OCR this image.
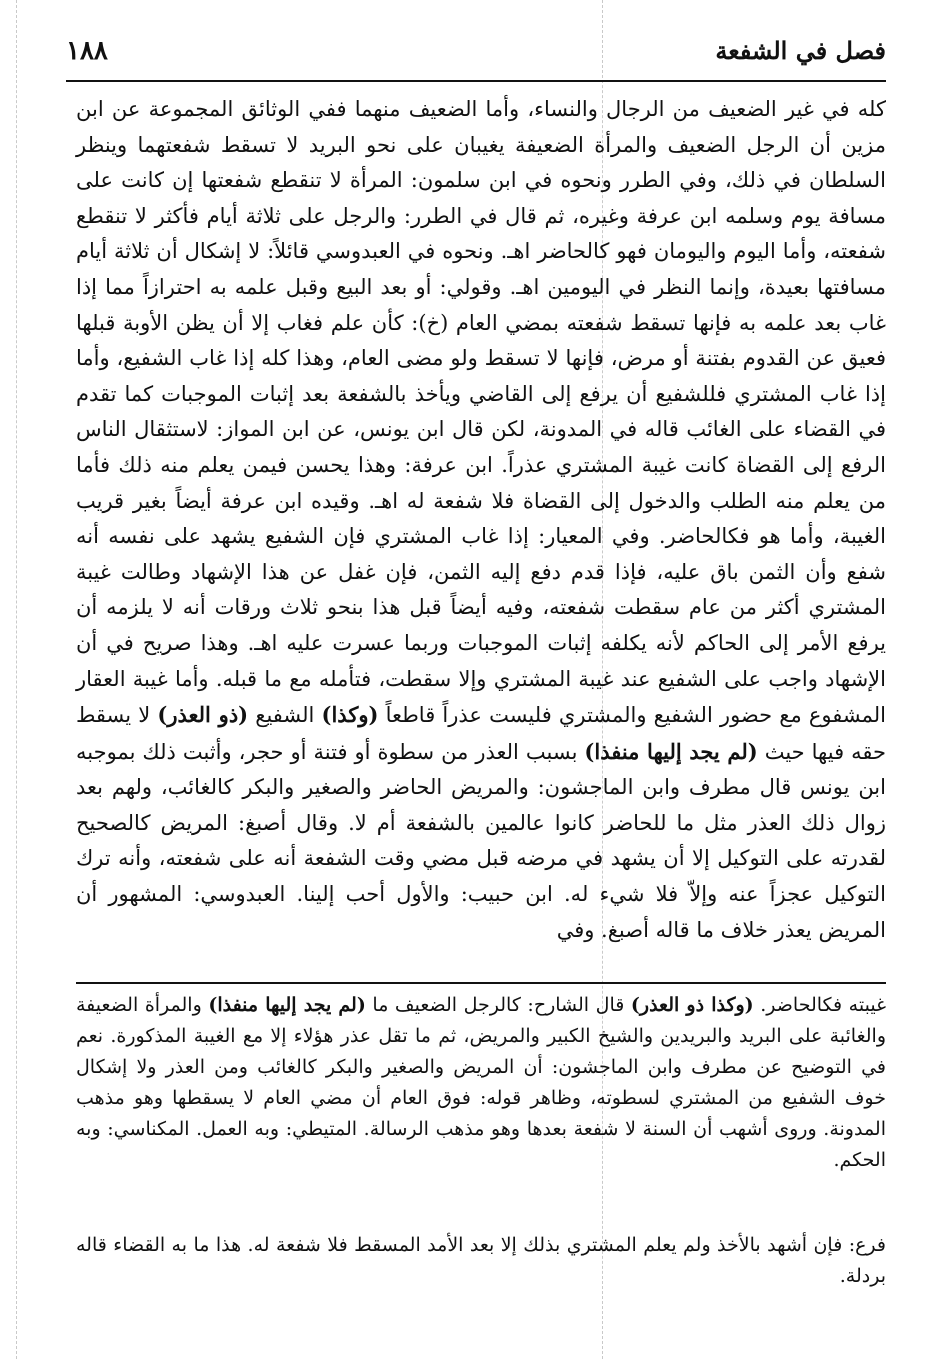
١٨٨	فصل في الشفعة

كله في غير الضعيف من الرجال والنساء، وأما الضعيف منهما ففي الوثائق المجموعة عن ابن مزين أن الرجل الضعيف والمرأة الضعيفة يغيبان على نحو البريد لا تسقط شفعتهما وينظر السلطان في ذلك، وفي الطرر ونحوه في ابن سلمون: المرأة لا تنقطع شفعتها إن كانت على مسافة يوم وسلمه ابن عرفة وغيره، ثم قال في الطرر: والرجل على ثلاثة أيام فأكثر لا تنقطع شفعته، وأما اليوم واليومان فهو كالحاضر اهـ. ونحوه في العبدوسي قائلاً: لا إشكال أن ثلاثة أيام مسافتها بعيدة، وإنما النظر في اليومين اهـ. وقولي: أو بعد البيع وقبل علمه به احترازاً مما إذا غاب بعد علمه به فإنها تسقط شفعته بمضي العام (خ): كأن علم فغاب إلا أن يظن الأوبة قبلها فعيق عن القدوم بفتنة أو مرض، فإنها لا تسقط ولو مضى العام، وهذا كله إذا غاب الشفيع، وأما إذا غاب المشتري فللشفيع أن يرفع إلى القاضي ويأخذ بالشفعة بعد إثبات الموجبات كما تقدم في القضاء على الغائب قاله في المدونة، لكن قال ابن يونس، عن ابن المواز: لاستثقال الناس الرفع إلى القضاة كانت غيبة المشتري عذراً. ابن عرفة: وهذا يحسن فيمن يعلم منه ذلك فأما من يعلم منه الطلب والدخول إلى القضاة فلا شفعة له اهـ. وقيده ابن عرفة أيضاً بغير قريب الغيبة، وأما هو فكالحاضر. وفي المعيار: إذا غاب المشتري فإن الشفيع يشهد على نفسه أنه شفع وأن الثمن باق عليه، فإذا قدم دفع إليه الثمن، فإن غفل عن هذا الإشهاد وطالت غيبة المشتري أكثر من عام سقطت شفعته، وفيه أيضاً قبل هذا بنحو ثلاث ورقات أنه لا يلزمه أن يرفع الأمر إلى الحاكم لأنه يكلفه إثبات الموجبات وربما عسرت عليه اهـ. وهذا صريح في أن الإشهاد واجب على الشفيع عند غيبة المشتري وإلا سقطت، فتأمله مع ما قبله. وأما غيبة العقار المشفوع مع حضور الشفيع والمشتري فليست عذراً قاطعاً (وكذا) الشفيع (ذو العذر) لا يسقط حقه فيها حيث (لم يجد إليها منفذا) بسبب العذر من سطوة أو فتنة أو حجر، وأثبت ذلك بموجبه ابن يونس قال مطرف وابن الماجشون: والمريض الحاضر والصغير والبكر كالغائب، ولهم بعد زوال ذلك العذر مثل ما للحاضر كانوا عالمين بالشفعة أم لا. وقال أصبغ: المريض كالصحيح لقدرته على التوكيل إلا أن يشهد في مرضه قبل مضي وقت الشفعة أنه على شفعته، وأنه ترك التوكيل عجزاً عنه وإلاّ فلا شيء له. ابن حبيب: والأول أحب إلينا. العبدوسي: المشهور أن المريض يعذر خلاف ما قاله أصبغ. وفي

غيبته فكالحاضر. (وكذا ذو العذر) قال الشارح: كالرجل الضعيف ما (لم يجد إليها منفذا) والمرأة الضعيفة والغائبة على البريد والبريدين والشيخ الكبير والمريض، ثم ما تقل عذر هؤلاء إلا مع الغيبة المذكورة. نعم في التوضيح عن مطرف وابن الماجشون: أن المريض والصغير والبكر كالغائب ومن العذر ولا إشكال خوف الشفيع من المشتري لسطوته، وظاهر قوله: فوق العام أن مضي العام لا يسقطها وهو مذهب المدونة. وروى أشهب أن السنة لا شفعة بعدها وهو مذهب الرسالة. المتيطي: وبه العمل. المكناسي: وبه الحكم.

فرع: فإن أشهد بالأخذ ولم يعلم المشتري بذلك إلا بعد الأمد المسقط فلا شفعة له. هذا ما به القضاء قاله بردلة.
